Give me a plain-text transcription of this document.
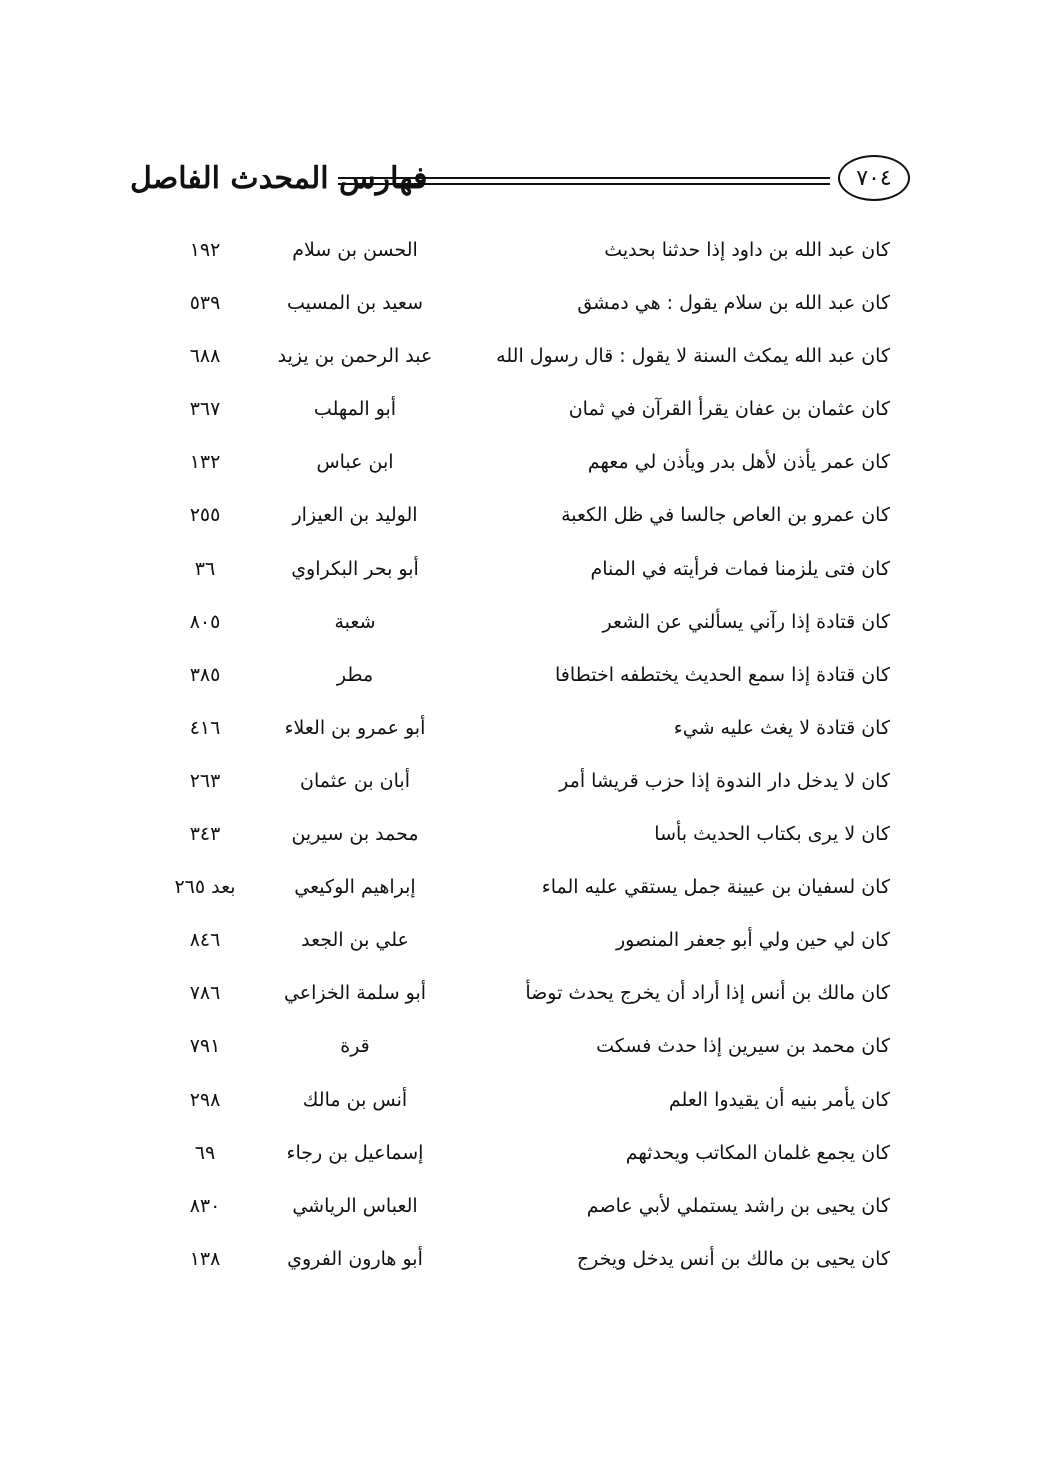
فهارس المحدث الفاصل	٧٠٤
كان عبد الله بن داود إذا حدثنا بحديث
الحسن بن سلام
١٩٢
كان عبد الله بن سلام يقول : هي دمشق
سعيد بن المسيب
٥٣٩
كان عبد الله يمكث السنة لا يقول : قال رسول الله
عبد الرحمن بن يزيد
٦٨٨
كان عثمان بن عفان يقرأ القرآن في ثمان
أبو المهلب
٣٦٧
كان عمر يأذن لأهل بدر ويأذن لي معهم
ابن عباس
١٣٢
كان عمرو بن العاص جالسا في ظل الكعبة
الوليد بن العيزار
٢٥٥
كان فتى يلزمنا فمات فرأيته في المنام
أبو بحر البكراوي
٣٦
كان قتادة إذا رآني يسألني عن الشعر
شعبة
٨٠٥
كان قتادة إذا سمع الحديث يختطفه اختطافا
مطر
٣٨٥
كان قتادة لا يغث عليه شيء
أبو عمرو بن العلاء
٤١٦
كان لا يدخل دار الندوة إذا حزب قريشا أمر
أبان بن عثمان
٢٦٣
كان لا يرى بكتاب الحديث بأسا
محمد بن سيرين
٣٤٣
كان لسفيان بن عيينة جمل يستقي عليه الماء
إبراهيم الوكيعي
بعد ٢٦٥
كان لي حين ولي أبو جعفر المنصور
علي بن الجعد
٨٤٦
كان مالك بن أنس إذا أراد أن يخرج يحدث توضأ
أبو سلمة الخزاعي
٧٨٦
كان محمد بن سيرين إذا حدث فسكت
قرة
٧٩١
كان يأمر بنيه أن يقيدوا العلم
أنس بن مالك
٢٩٨
كان يجمع غلمان المكاتب ويحدثهم
إسماعيل بن رجاء
٦٩
كان يحيى بن راشد يستملي لأبي عاصم
العباس الرياشي
٨٣٠
كان يحيى بن مالك بن أنس يدخل ويخرج
أبو هارون الفروي
١٣٨
